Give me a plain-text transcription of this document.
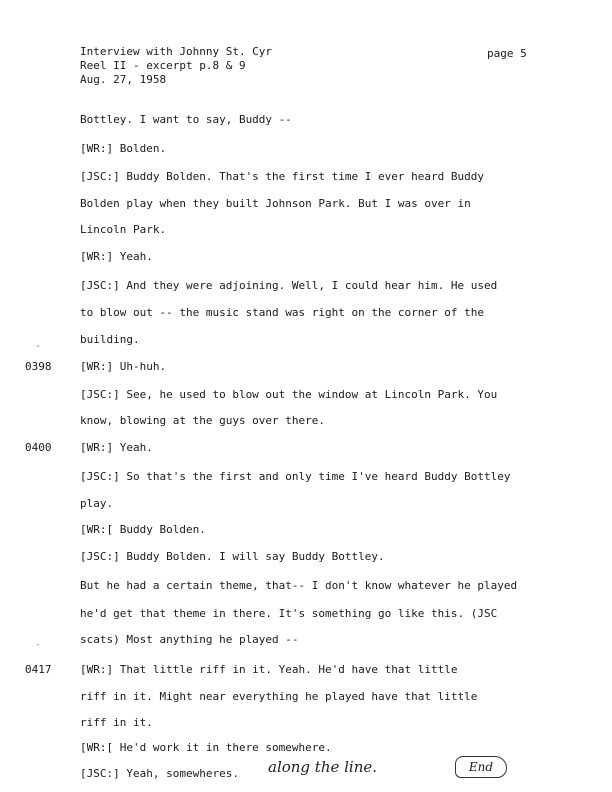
Interview with Johnny St. Cyr
Reel II - excerpt p.8 & 9
Aug. 27, 1958
page 5
Bottley. I want to say, Buddy --
[WR:] Bolden.
[JSC:] Buddy Bolden. That's the first time I ever heard Buddy
Bolden play when they built Johnson Park. But I was over in
Lincoln Park.
[WR:] Yeah.
[JSC:] And they were adjoining. Well, I could hear him. He used
to blow out -- the music stand was right on the corner of the
building.
[WR:] Uh-huh.
0398
[JSC:] See, he used to blow out the window at Lincoln Park. You
know, blowing at the guys over there.
[WR:] Yeah.
0400
[JSC:] So that's the first and only time I've heard Buddy Bottley
play.
[WR:[ Buddy Bolden.
[JSC:] Buddy Bolden. I will say Buddy Bottley.
But he had a certain theme, that-- I don't know whatever he played
he'd get that theme in there. It's something go like this. (JSC
scats) Most anything he played --
[WR:] That little riff in it. Yeah. He'd have that little
0417
riff in it. Might near everything he played have that little
riff in it.
[WR:[ He'd work it in there somewhere.
[JSC:] Yeah, somewheres. along the line.	End
ˆ
·
